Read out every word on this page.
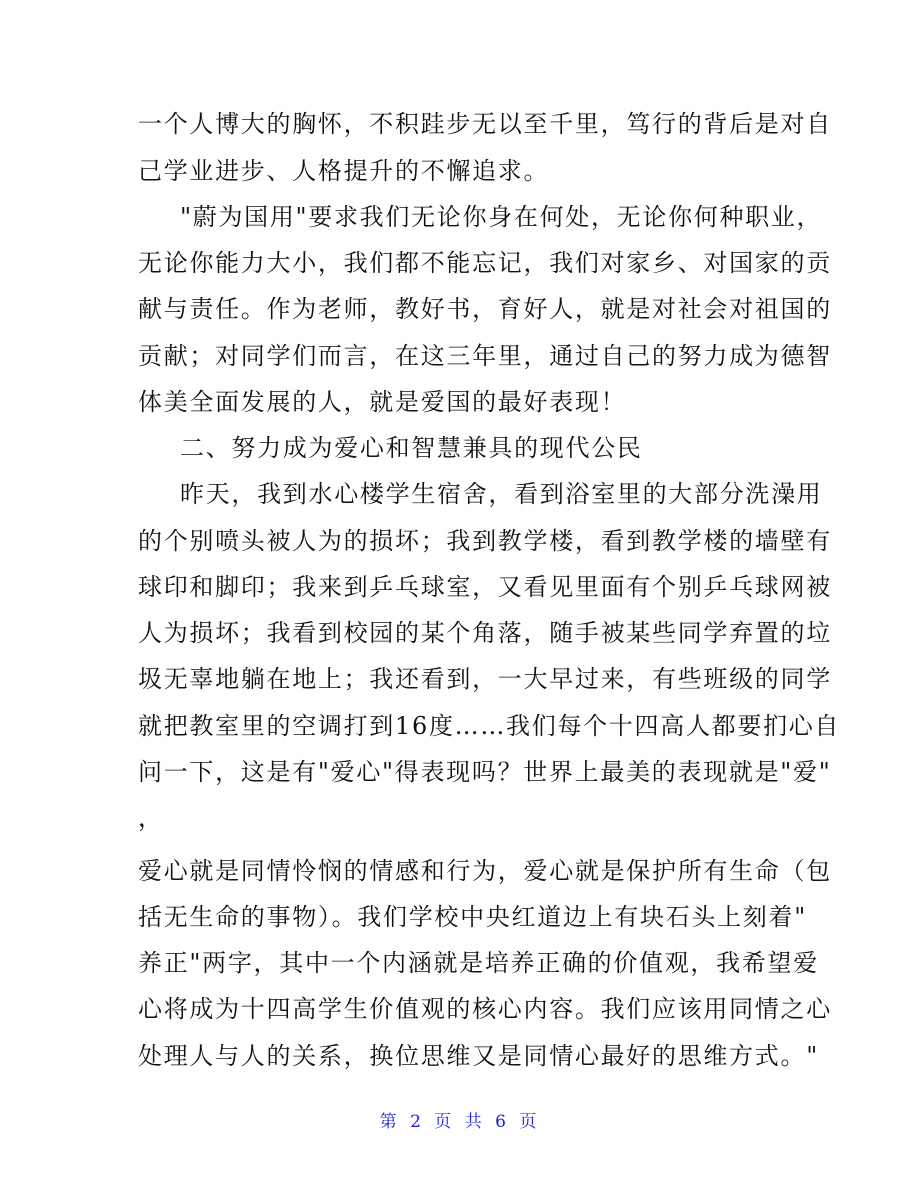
一个人博大的胸怀，不积跬步无以至千里，笃行的背后是对自
己学业进步、人格提升的不懈追求。
"蔚为国用"要求我们无论你身在何处，无论你何种职业，
无论你能力大小，我们都不能忘记，我们对家乡、对国家的贡
献与责任。作为老师，教好书，育好人，就是对社会对祖国的
贡献；对同学们而言，在这三年里，通过自己的努力成为德智
体美全面发展的人，就是爱国的最好表现！
二、努力成为爱心和智慧兼具的现代公民
昨天，我到水心楼学生宿舍，看到浴室里的大部分洗澡用
的个别喷头被人为的损坏；我到教学楼，看到教学楼的墙壁有
球印和脚印；我来到乒乓球室，又看见里面有个别乒乓球网被
人为损坏；我看到校园的某个角落，随手被某些同学弃置的垃
圾无辜地躺在地上；我还看到，一大早过来，有些班级的同学
就把教室里的空调打到16度……我们每个十四高人都要扪心自
问一下，这是有"爱心"得表现吗？世界上最美的表现就是"爱"
，
爱心就是同情怜悯的情感和行为，爱心就是保护所有生命（包
括无生命的事物）。我们学校中央红道边上有块石头上刻着"
养正"两字，其中一个内涵就是培养正确的价值观，我希望爱
心将成为十四高学生价值观的核心内容。我们应该用同情之心
处理人与人的关系，换位思维又是同情心最好的思维方式。"
第 2 页 共 6 页
